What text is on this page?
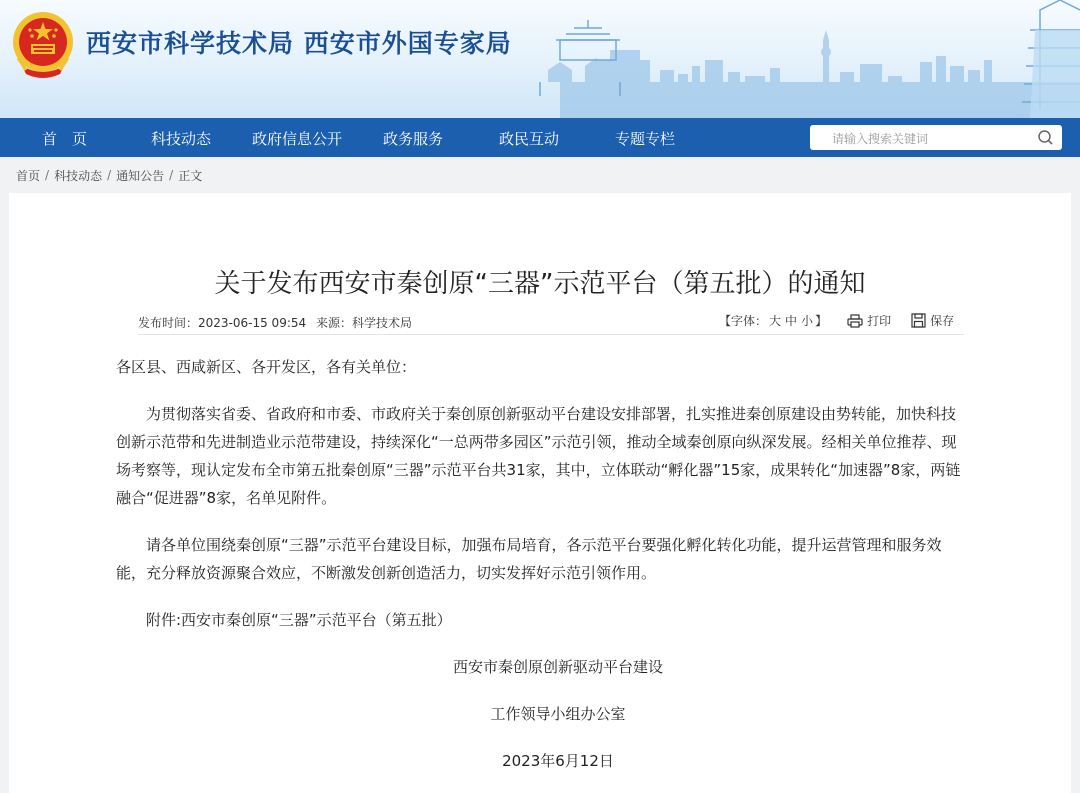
西安市科学技术局 西安市外国专家局
首　页	科技动态	政府信息公开	政务服务	政民互动	专题专栏
请输入搜索关键词
首页 / 科技动态 / 通知公告 / 正文
关于发布西安市秦创原“三器”示范平台（第五批）的通知
发布时间：2023-06-15 09:54 来源：科学技术局	【字体： 大 中 小 】	打印	保存

各区县、西咸新区、各开发区，各有关单位：

为贯彻落实省委、省政府和市委、市政府关于秦创原创新驱动平台建设安排部署，扎实推进秦创原建设由势转能，加快科技创新示范带和先进制造业示范带建设，持续深化“一总两带多园区”示范引领，推动全域秦创原向纵深发展。经相关单位推荐、现场考察等，现认定发布全市第五批秦创原“三器”示范平台共31家，其中，立体联动“孵化器”15家，成果转化“加速器”8家，两链融合“促进器”8家，名单见附件。

请各单位围绕秦创原“三器”示范平台建设目标，加强布局培育，各示范平台要强化孵化转化功能，提升运营管理和服务效能，充分释放资源聚合效应，不断激发创新创造活力，切实发挥好示范引领作用。

附件:西安市秦创原“三器”示范平台（第五批）

西安市秦创原创新驱动平台建设

工作领导小组办公室

2023年6月12日
